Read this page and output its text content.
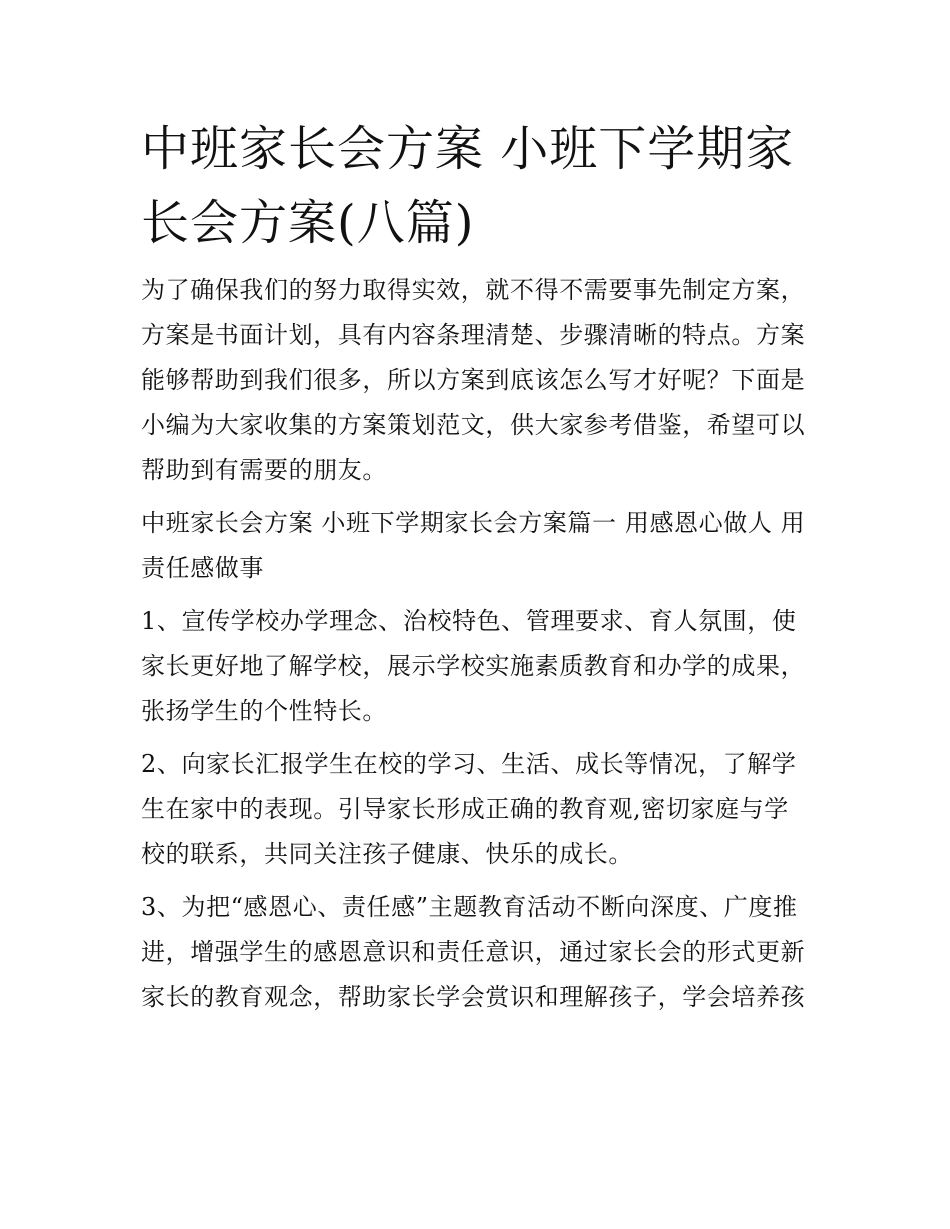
中班家长会方案 小班下学期家长会方案(八篇)

为了确保我们的努力取得实效，就不得不需要事先制定方案，方案是书面计划，具有内容条理清楚、步骤清晰的特点。方案能够帮助到我们很多，所以方案到底该怎么写才好呢？下面是小编为大家收集的方案策划范文，供大家参考借鉴，希望可以帮助到有需要的朋友。

中班家长会方案 小班下学期家长会方案篇一 用感恩心做人 用责任感做事

1、宣传学校办学理念、治校特色、管理要求、育人氛围，使家长更好地了解学校，展示学校实施素质教育和办学的成果，张扬学生的个性特长。

2、向家长汇报学生在校的学习、生活、成长等情况，了解学生在家中的表现。引导家长形成正确的教育观,密切家庭与学校的联系，共同关注孩子健康、快乐的成长。

3、为把“感恩心、责任感”主题教育活动不断向深度、广度推进，增强学生的感恩意识和责任意识，通过家长会的形式更新家长的教育观念，帮助家长学会赏识和理解孩子，学会培养孩
